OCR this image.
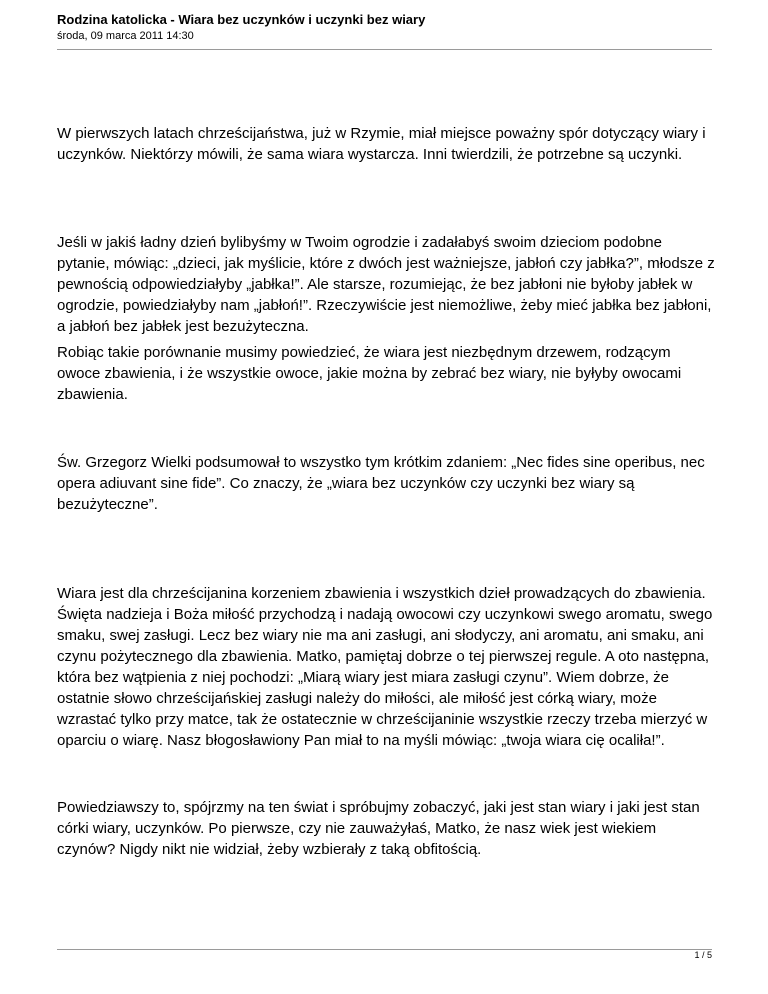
Rodzina katolicka - Wiara bez uczynków i uczynki bez wiary

środa, 09 marca 2011 14:30

W pierwszych latach chrześcijaństwa, już w Rzymie, miał miejsce poważny spór dotyczący wiary i uczynków. Niektórzy mówili, że sama wiara wystarcza. Inni twierdzili, że potrzebne są uczynki.

Jeśli w jakiś ładny dzień bylibyśmy w Twoim ogrodzie i zadałabyś swoim dzieciom podobne pytanie, mówiąc: „dzieci, jak myślicie, które z dwóch jest ważniejsze, jabłoń czy jabłka?”, młodsze z pewnością odpowiedziałyby „jabłka!”. Ale starsze, rozumiejąc, że bez jabłoni nie byłoby jabłek w ogrodzie, powiedziałyby nam „jabłoń!”. Rzeczywiście jest niemożliwe, żeby mieć jabłka bez jabłoni, a jabłoń bez jabłek jest bezużyteczna.

Robiąc takie porównanie musimy powiedzieć, że wiara jest niezbędnym drzewem, rodzącym owoce zbawienia, i że wszystkie owoce, jakie można by zebrać bez wiary, nie byłyby owocami zbawienia.

Św. Grzegorz Wielki podsumował to wszystko tym krótkim zdaniem: „Nec fides sine operibus, nec opera adiuvant sine fide”. Co znaczy, że „wiara bez uczynków czy uczynki bez wiary są bezużyteczne”.

Wiara jest dla chrześcijanina korzeniem zbawienia i wszystkich dzieł prowadzących do zbawienia. Święta nadzieja i Boża miłość przychodzą i nadają owocowi czy uczynkowi swego aromatu, swego smaku, swej zasługi. Lecz bez wiary nie ma ani zasługi, ani słodyczy, ani aromatu, ani smaku, ani czynu pożytecznego dla zbawienia. Matko, pamiętaj dobrze o tej pierwszej regule. A oto następna, która bez wątpienia z niej pochodzi: „Miarą wiary jest miara zasługi czynu”. Wiem dobrze, że ostatnie słowo chrześcijańskiej zasługi należy do miłości, ale miłość jest córką wiary, może wzrastać tylko przy matce, tak że ostatecznie w chrześcijaninie wszystkie rzeczy trzeba mierzyć w oparciu o wiarę. Nasz błogosławiony Pan miał to na myśli mówiąc: „twoja wiara cię ocaliła!”.

Powiedziawszy to, spójrzmy na ten świat i spróbujmy zobaczyć, jaki jest stan wiary i jaki jest stan córki wiary, uczynków. Po pierwsze, czy nie zauważyłaś, Matko, że nasz wiek jest wiekiem czynów? Nigdy nikt nie widział, żeby wzbierały z taką obfitością.

1 / 5
